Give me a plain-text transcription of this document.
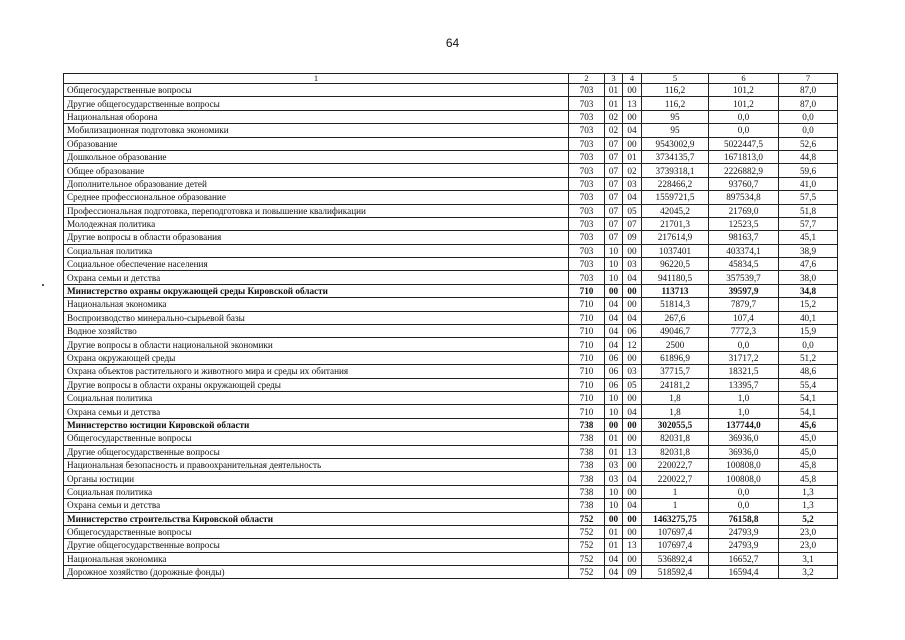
64
1	2	3	4	5	6	7
Общегосударственные вопросы	703	01	00	116,2	101,2	87,0
Другие общегосударственные вопросы	703	01	13	116,2	101,2	87,0
Национальная оборона	703	02	00	95	0,0	0,0
Мобилизационная подготовка экономики	703	02	04	95	0,0	0,0
Образование	703	07	00	9543002,9	5022447,5	52,6
Дошкольное образование	703	07	01	3734135,7	1671813,0	44,8
Общее образование	703	07	02	3739318,1	2226882,9	59,6
Дополнительное образование детей	703	07	03	228466,2	93760,7	41,0
Среднее профессиональное образование	703	07	04	1559721,5	897534,8	57,5
Профессиональная подготовка, переподготовка и повышение квалификации	703	07	05	42045,2	21769,0	51,8
Молодежная политика	703	07	07	21701,3	12523,5	57,7
Другие вопросы в области образования	703	07	09	217614,9	98163,7	45,1
Социальная политика	703	10	00	1037401	403374,1	38,9
Социальное обеспечение населения	703	10	03	96220,5	45834,5	47,6
Охрана семьи и детства	703	10	04	941180,5	357539,7	38,0
Министерство охраны окружающей среды Кировской области	710	00	00	113713	39597,9	34,8
Национальная экономика	710	04	00	51814,3	7879,7	15,2
Воспроизводство минерально-сырьевой базы	710	04	04	267,6	107,4	40,1
Водное хозяйство	710	04	06	49046,7	7772,3	15,9
Другие вопросы в области национальной экономики	710	04	12	2500	0,0	0,0
Охрана окружающей среды	710	06	00	61896,9	31717,2	51,2
Охрана объектов растительного и животного мира и среды их обитания	710	06	03	37715,7	18321,5	48,6
Другие вопросы в области охраны окружающей среды	710	06	05	24181,2	13395,7	55,4
Социальная политика	710	10	00	1,8	1,0	54,1
Охрана семьи и детства	710	10	04	1,8	1,0	54,1
Министерство юстиции Кировской области	738	00	00	302055,5	137744,0	45,6
Общегосударственные вопросы	738	01	00	82031,8	36936,0	45,0
Другие общегосударственные вопросы	738	01	13	82031,8	36936,0	45,0
Национальная безопасность и правоохранительная деятельность	738	03	00	220022,7	100808,0	45,8
Органы юстиции	738	03	04	220022,7	100808,0	45,8
Социальная политика	738	10	00	1	0,0	1,3
Охрана семьи и детства	738	10	04	1	0,0	1,3
Министерство строительства Кировской области	752	00	00	1463275,75	76158,8	5,2
Общегосударственные вопросы	752	01	00	107697,4	24793,9	23,0
Другие общегосударственные вопросы	752	01	13	107697,4	24793,9	23,0
Национальная экономика	752	04	00	536892,4	16652,7	3,1
Дорожное хозяйство (дорожные фонды)	752	04	09	518592,4	16594,4	3,2
